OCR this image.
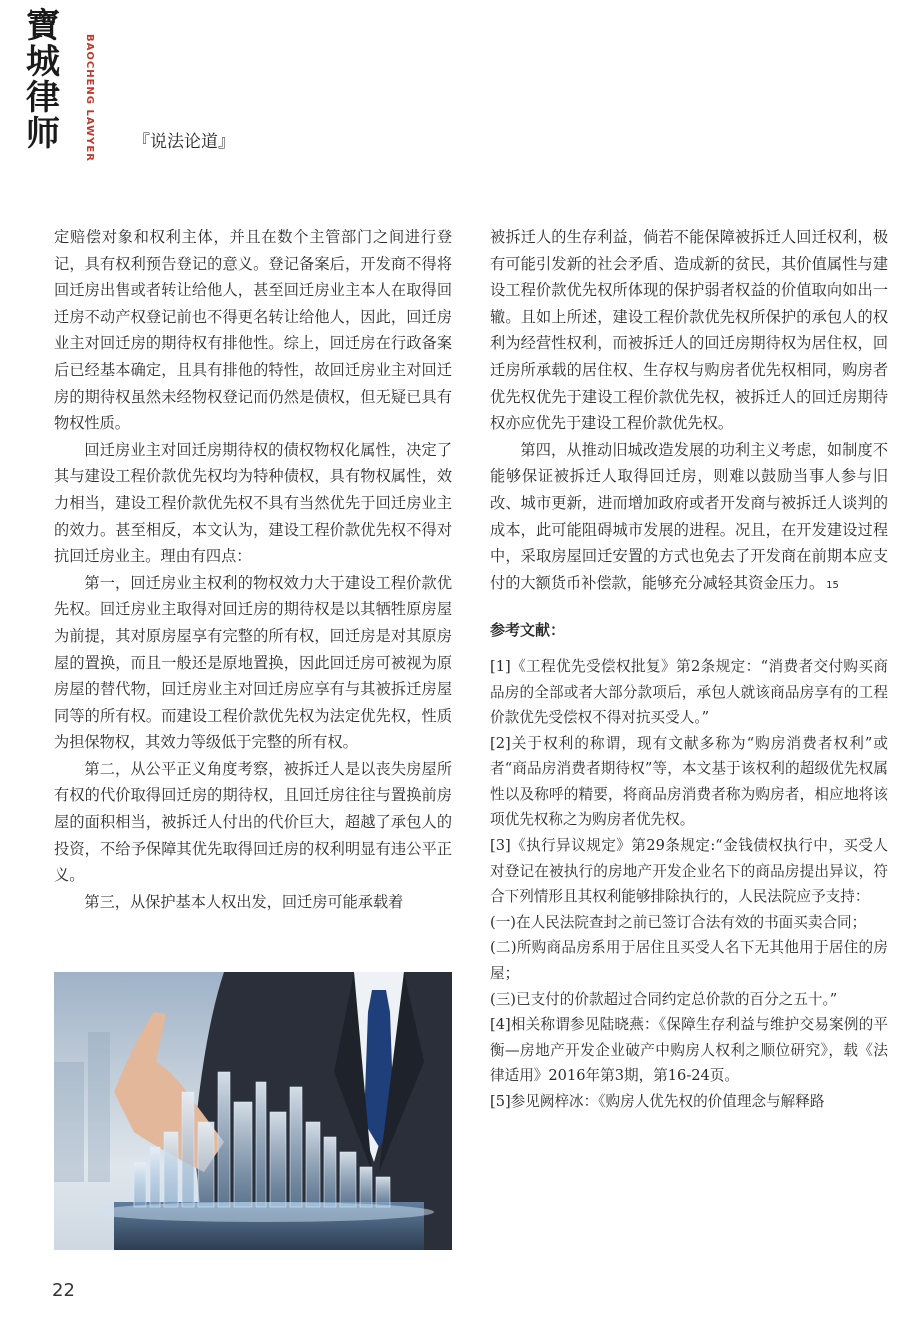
寶
城
律
师	BAOCHENG LAWYER 『说法论道』

定赔偿对象和权利主体，并且在数个主管部门之间进行登记，具有权利预告登记的意义。登记备案后，开发商不得将回迁房出售或者转让给他人，甚至回迁房业主本人在取得回迁房不动产权登记前也不得更名转让给他人，因此，回迁房业主对回迁房的期待权有排他性。综上，回迁房在行政备案后已经基本确定，且具有排他的特性，故回迁房业主对回迁房的期待权虽然未经物权登记而仍然是债权，但无疑已具有物权性质。

回迁房业主对回迁房期待权的债权物权化属性，决定了其与建设工程价款优先权均为特种债权，具有物权属性，效力相当，建设工程价款优先权不具有当然优先于回迁房业主的效力。甚至相反，本文认为，建设工程价款优先权不得对抗回迁房业主。理由有四点：

第一，回迁房业主权利的物权效力大于建设工程价款优先权。回迁房业主取得对回迁房的期待权是以其牺牲原房屋为前提，其对原房屋享有完整的所有权，回迁房是对其原房屋的置换，而且一般还是原地置换，因此回迁房可被视为原房屋的替代物，回迁房业主对回迁房应享有与其被拆迁房屋同等的所有权。而建设工程价款优先权为法定优先权，性质为担保物权，其效力等级低于完整的所有权。

第二，从公平正义角度考察，被拆迁人是以丧失房屋所有权的代价取得回迁房的期待权，且回迁房往往与置换前房屋的面积相当，被拆迁人付出的代价巨大，超越了承包人的投资，不给予保障其优先取得回迁房的权利明显有违公平正义。

第三，从保护基本人权出发，回迁房可能承载着

被拆迁人的生存利益，倘若不能保障被拆迁人回迁权利，极有可能引发新的社会矛盾、造成新的贫民，其价值属性与建设工程价款优先权所体现的保护弱者权益的价值取向如出一辙。且如上所述，建设工程价款优先权所保护的承包人的权利为经营性权利，而被拆迁人的回迁房期待权为居住权，回迁房所承载的居住权、生存权与购房者优先权相同，购房者优先权优先于建设工程价款优先权，被拆迁人的回迁房期待权亦应优先于建设工程价款优先权。

第四，从推动旧城改造发展的功利主义考虑，如制度不能够保证被拆迁人取得回迁房，则难以鼓励当事人参与旧改、城市更新，进而增加政府或者开发商与被拆迁人谈判的成本，此可能阻碍城市发展的进程。况且，在开发建设过程中，采取房屋回迁安置的方式也免去了开发商在前期本应支付的大额货币补偿款，能够充分减轻其资金压力。 15

参考文献：

[1]《工程优先受偿权批复》第2条规定：“消费者交付购买商品房的全部或者大部分款项后，承包人就该商品房享有的工程价款优先受偿权不得对抗买受人。”

[2]关于权利的称谓，现有文献多称为“购房消费者权利”或者“商品房消费者期待权”等，本文基于该权利的超级优先权属性以及称呼的精要，将商品房消费者称为购房者，相应地将该项优先权称之为购房者优先权。

[3]《执行异议规定》第29条规定:“金钱债权执行中，买受人对登记在被执行的房地产开发企业名下的商品房提出异议，符合下列情形且其权利能够排除执行的，人民法院应予支持：

(一)在人民法院查封之前已签订合法有效的书面买卖合同；

(二)所购商品房系用于居住且买受人名下无其他用于居住的房屋；

(三)已支付的价款超过合同约定总价款的百分之五十。”

[4]相关称谓参见陆晓燕：《保障生存利益与维护交易案例的平衡—房地产开发企业破产中购房人权利之顺位研究》，载《法律适用》2016年第3期，第16-24页。

[5]参见阙梓冰：《购房人优先权的价值理念与解释路

22
